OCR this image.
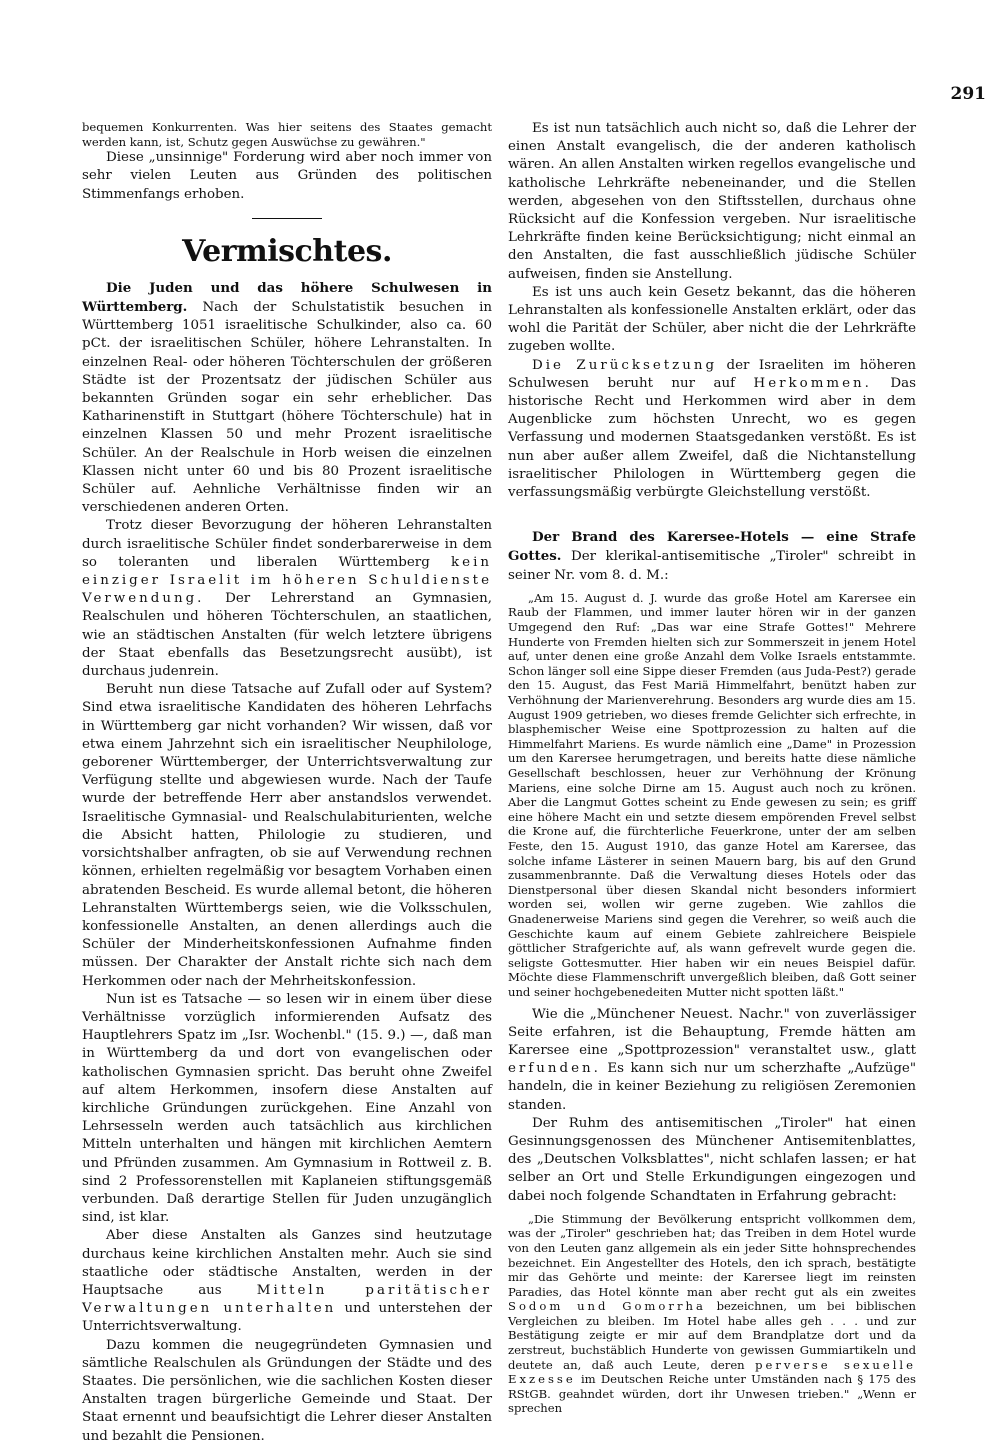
291

bequemen Konkurrenten. Was hier seitens des Staates gemacht werden kann, ist, Schutz gegen Auswüchse zu gewähren."

Diese „unsinnige" Forderung wird aber noch immer von sehr vielen Leuten aus Gründen des politischen Stimmenfangs erhoben.

Vermischtes.

Die Juden und das höhere Schulwesen in Württemberg. Nach der Schulstatistik besuchen in Württemberg 1051 israelitische Schulkinder, also ca. 60 pCt. der israelitischen Schüler, höhere Lehranstalten. In einzelnen Real- oder höheren Töchterschulen der größeren Städte ist der Prozentsatz der jüdischen Schüler aus bekannten Gründen sogar ein sehr erheblicher. Das Katharinenstift in Stuttgart (höhere Töchterschule) hat in einzelnen Klassen 50 und mehr Prozent israelitische Schüler. An der Realschule in Horb weisen die einzelnen Klassen nicht unter 60 und bis 80 Prozent israelitische Schüler auf. Aehnliche Verhältnisse finden wir an verschiedenen anderen Orten.

Trotz dieser Bevorzugung der höheren Lehranstalten durch israelitische Schüler findet sonderbarerweise in dem so toleranten und liberalen Württemberg kein einziger Israelit im höheren Schuldienste Verwendung. Der Lehrerstand an Gymnasien, Realschulen und höheren Töchterschulen, an staatlichen, wie an städtischen Anstalten (für welch letztere übrigens der Staat ebenfalls das Besetzungsrecht ausübt), ist durchaus judenrein.

Beruht nun diese Tatsache auf Zufall oder auf System? Sind etwa israelitische Kandidaten des höheren Lehrfachs in Württemberg gar nicht vorhanden? Wir wissen, daß vor etwa einem Jahrzehnt sich ein israelitischer Neuphilologe, geborener Württemberger, der Unterrichtsverwaltung zur Verfügung stellte und abgewiesen wurde. Nach der Taufe wurde der betreffende Herr aber anstandslos verwendet. Israelitische Gymnasial- und Realschulabiturienten, welche die Absicht hatten, Philologie zu studieren, und vorsichtshalber anfragten, ob sie auf Verwendung rechnen können, erhielten regelmäßig vor besagtem Vorhaben einen abratenden Bescheid. Es wurde allemal betont, die höheren Lehranstalten Württembergs seien, wie die Volksschulen, konfessionelle Anstalten, an denen allerdings auch die Schüler der Minderheitskonfessionen Aufnahme finden müssen. Der Charakter der Anstalt richte sich nach dem Herkommen oder nach der Mehrheitskonfession.

Nun ist es Tatsache — so lesen wir in einem über diese Verhältnisse vorzüglich informierenden Aufsatz des Hauptlehrers Spatz im „Isr. Wochenbl." (15. 9.) —, daß man in Württemberg da und dort von evangelischen oder katholischen Gymnasien spricht. Das beruht ohne Zweifel auf altem Herkommen, insofern diese Anstalten auf kirchliche Gründungen zurückgehen. Eine Anzahl von Lehrsesseln werden auch tatsächlich aus kirchlichen Mitteln unterhalten und hängen mit kirchlichen Aemtern und Pfründen zusammen. Am Gymnasium in Rottweil z. B. sind 2 Professorenstellen mit Kaplaneien stiftungsgemäß verbunden. Daß derartige Stellen für Juden unzugänglich sind, ist klar.

Aber diese Anstalten als Ganzes sind heutzutage durchaus keine kirchlichen Anstalten mehr. Auch sie sind staatliche oder städtische Anstalten, werden in der Hauptsache aus	Mitteln paritätischer Verwaltungen unterhalten und unterstehen der Unterrichtsverwaltung.

Dazu kommen die neugegründeten Gymnasien und sämtliche Realschulen als Gründungen der Städte und des Staates. Die persönlichen, wie die sachlichen Kosten dieser Anstalten tragen bürgerliche Gemeinde und Staat. Der Staat ernennt und beaufsichtigt die Lehrer dieser Anstalten und bezahlt die Pensionen.

Es ist nun tatsächlich auch nicht so, daß die Lehrer der einen Anstalt evangelisch, die der anderen katholisch wären. An allen Anstalten wirken regellos evangelische und katholische Lehrkräfte nebeneinander, und die Stellen werden, abgesehen von den Stiftsstellen, durchaus ohne Rücksicht auf die Konfession vergeben. Nur israelitische Lehrkräfte finden keine Berücksichtigung; nicht einmal an den Anstalten, die fast ausschließlich jüdische Schüler aufweisen, finden sie Anstellung.

Es ist uns auch kein Gesetz bekannt, das die höheren Lehranstalten als konfessionelle Anstalten erklärt, oder das wohl die Parität der Schüler, aber nicht die der Lehrkräfte zugeben wollte.

Die Zurücksetzung der Israeliten im höheren Schulwesen beruht nur auf Herkommen. Das historische Recht und Herkommen wird aber in dem Augenblicke zum höchsten Unrecht, wo es gegen Verfassung und modernen Staatsgedanken verstößt. Es ist nun aber außer allem Zweifel, daß die Nichtanstellung israelitischer Philologen in Württemberg gegen die verfassungsmäßig verbürgte Gleichstellung verstößt.

Der Brand des Karersee-Hotels — eine Strafe Gottes. Der klerikal-antisemitische „Tiroler" schreibt in seiner Nr. vom 8. d. M.:

„Am 15. August d. J. wurde das große Hotel am Karersee ein Raub der Flammen, und immer lauter hören wir in der ganzen Umgegend den Ruf: „Das war eine Strafe Gottes!" Mehrere Hunderte von Fremden hielten sich zur Sommerszeit in jenem Hotel auf, unter denen eine große Anzahl dem Volke Israels entstammte. Schon länger soll eine Sippe dieser Fremden (aus Juda-Pest?) gerade den 15. August, das Fest Mariä Himmelfahrt, benützt haben zur Verhöhnung der Marienverehrung. Besonders arg wurde dies am 15. August 1909 getrieben, wo dieses fremde Gelichter sich erfrechte, in blasphemischer Weise eine Spottprozession zu halten auf die Himmelfahrt Mariens. Es wurde nämlich eine „Dame" in Prozession um den Karersee herumgetragen, und bereits hatte diese nämliche Gesellschaft beschlossen, heuer zur Verhöhnung der Krönung Mariens, eine solche Dirne am 15. August auch noch zu krönen. Aber die Langmut Gottes scheint zu Ende gewesen zu sein; es griff eine höhere Macht ein und setzte diesem empörenden Frevel selbst die Krone auf, die fürchterliche Feuerkrone, unter der am selben Feste, den 15. August 1910, das ganze Hotel am Karersee, das solche infame Lästerer in seinen Mauern barg, bis auf den Grund zusammenbrannte. Daß die Verwaltung dieses Hotels oder das Dienstpersonal über diesen Skandal nicht besonders informiert worden sei, wollen wir gerne zugeben. Wie zahllos die Gnadenerweise Mariens sind gegen die Verehrer, so weiß auch die Geschichte kaum auf einem Gebiete zahlreichere Beispiele göttlicher Strafgerichte auf, als wann gefrevelt wurde gegen die. seligste Gottesmutter. Hier haben wir ein neues Beispiel dafür. Möchte diese Flammenschrift unvergeßlich bleiben, daß Gott seiner und seiner hochgebenedeiten Mutter nicht spotten läßt."

Wie die „Münchener Neuest. Nachr." von zuverlässiger Seite erfahren, ist die Behauptung, Fremde hätten am Karersee eine „Spottprozession" veranstaltet usw., glatt erfunden. Es kann sich nur um scherzhafte „Aufzüge" handeln, die in keiner Beziehung zu religiösen Zeremonien standen.

Der Ruhm des antisemitischen „Tiroler" hat einen Gesinnungsgenossen des Münchener Antisemitenblattes, des „Deutschen Volksblattes", nicht schlafen lassen; er hat selber an Ort und Stelle Erkundigungen eingezogen und dabei noch folgende Schandtaten in Erfahrung gebracht:

„Die Stimmung der Bevölkerung entspricht vollkommen dem, was der „Tiroler" geschrieben hat; das Treiben in dem Hotel wurde von den Leuten ganz allgemein als ein jeder Sitte hohnsprechendes bezeichnet. Ein Angestellter des Hotels, den ich sprach, bestätigte mir das Gehörte und meinte: der Karersee liegt im reinsten Paradies, das Hotel könnte man aber recht gut als ein zweites Sodom und Gomorrha bezeichnen, um bei biblischen Vergleichen zu bleiben. Im Hotel habe alles geh . . . und zur Bestätigung zeigte er mir auf dem Brandplatze dort und da zerstreut, buchstäblich Hunderte von gewissen Gummiartikeln und deutete an, daß auch Leute, deren perverse sexuelle Exzesse im Deutschen Reiche unter Umständen nach § 175 des RStGB. geahndet würden, dort ihr Unwesen trieben." „Wenn er sprechen
